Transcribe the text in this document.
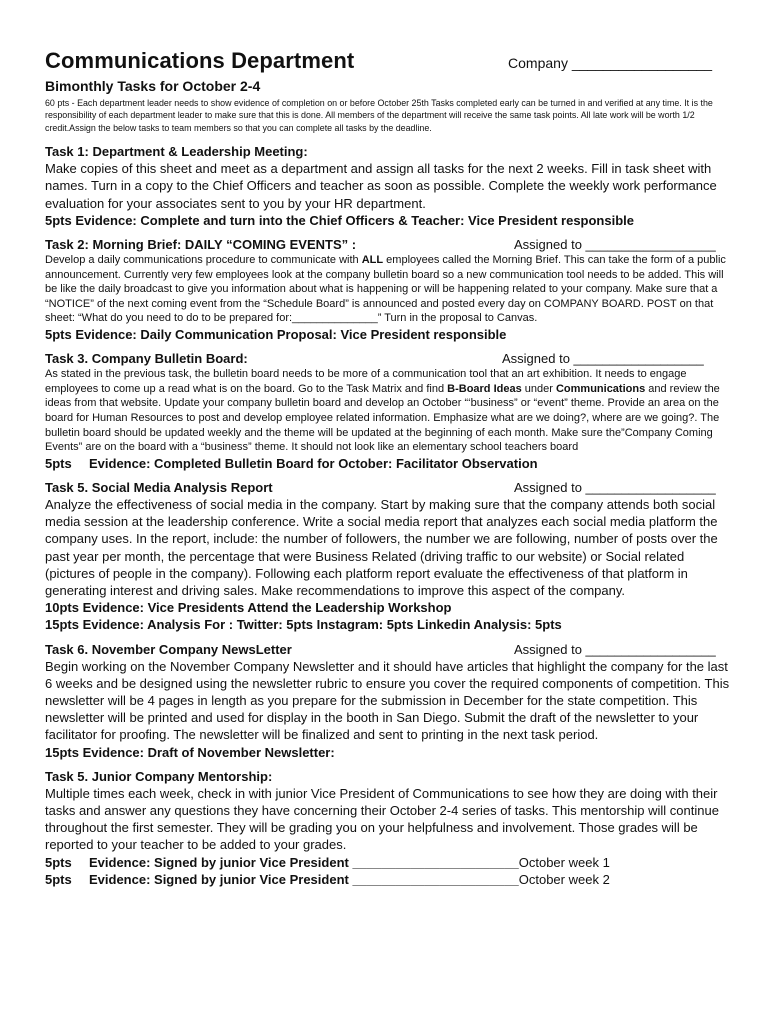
Communications Department	Company __________________
Bimonthly Tasks for October 2-4
60 pts - Each department leader needs to show evidence of completion on or before October 25th Tasks completed early can be turned in and verified at any time. It is the responsibility of each department leader to make sure that this is done. All members of the department will receive the same task points. All late work will be worth 1/2 credit.Assign the below tasks to team members so that you can complete all tasks by the deadline.
Task 1: Department & Leadership Meeting:
Make copies of this sheet and meet as a department and assign all tasks for the next 2 weeks. Fill in task sheet with names. Turn in a copy to the Chief Officers and teacher as soon as possible. Complete the weekly work performance evaluation for your associates sent to you by your HR department.
5pts Evidence: Complete and turn into the Chief Officers & Teacher: Vice President responsible
Task 2: Morning Brief: DAILY “COMING EVENTS” :	Assigned to __________________
Develop a daily communications procedure to communicate with ALL employees called the Morning Brief. This can take the form of a public announcement. Currently very few employees look at the company bulletin board so a new communication tool needs to be added. This will be like the daily broadcast to give you information about what is happening or will be happening related to your company. Make sure that a “NOTICE” of the next coming event from the “Schedule Board” is announced and posted every day on COMPANY BOARD. POST on that sheet: “What do you need to do to be prepared for:______________” Turn in the proposal to Canvas.
5pts Evidence: Daily Communication Proposal: Vice President responsible
Task 3. Company Bulletin Board:	Assigned to __________________
As stated in the previous task, the bulletin board needs to be more of a communication tool that an art exhibition. It needs to engage employees to come up a read what is on the board. Go to the Task Matrix and find B-Board Ideas under Communications and review the ideas from that website. Update your company bulletin board and develop an October “‘business” or “event” theme. Provide an area on the board for Human Resources to post and develop employee related information. Emphasize what are we doing?, where are we going?. The bulletin board should be updated weekly and the theme will be updated at the beginning of each month. Make sure the”Company Coming Events” are on the board with a “business” theme. It should not look like an elementary school teachers board
5pts Evidence: Completed Bulletin Board for October: Facilitator Observation
Task 5. Social Media Analysis Report	Assigned to __________________
Analyze the effectiveness of social media in the company. Start by making sure that the company attends both social media session at the leadership conference. Write a social media report that analyzes each social media platform the company uses. In the report, include: the number of followers, the number we are following, number of posts over the past year per month, the percentage that were Business Related (driving traffic to our website) or Social related (pictures of people in the company). Following each platform report evaluate the effectiveness of that platform in generating interest and driving sales. Make recommendations to improve this aspect of the company.
10pts Evidence: Vice Presidents Attend the Leadership Workshop
15pts Evidence: Analysis For : Twitter: 5pts Instagram: 5pts Linkedin Analysis: 5pts
Task 6. November Company NewsLetter	Assigned to __________________
Begin working on the November Company Newsletter and it should have articles that highlight the company for the last 6 weeks and be designed using the newsletter rubric to ensure you cover the required components of competition. This newsletter will be 4 pages in length as you prepare for the submission in December for the state competition. This newsletter will be printed and used for display in the booth in San Diego. Submit the draft of the newsletter to your facilitator for proofing. The newsletter will be finalized and sent to printing in the next task period.
15pts Evidence: Draft of November Newsletter:
Task 5. Junior Company Mentorship:
Multiple times each week, check in with junior Vice President of Communications to see how they are doing with their tasks and answer any questions they have concerning their October 2-4 series of tasks. This mentorship will continue throughout the first semester. They will be grading you on your helpfulness and involvement. Those grades will be reported to your teacher to be added to your grades.
5pts	Evidence: Signed by junior Vice President _______________________ October week 1
5pts	Evidence: Signed by junior Vice President _______________________ October week 2
